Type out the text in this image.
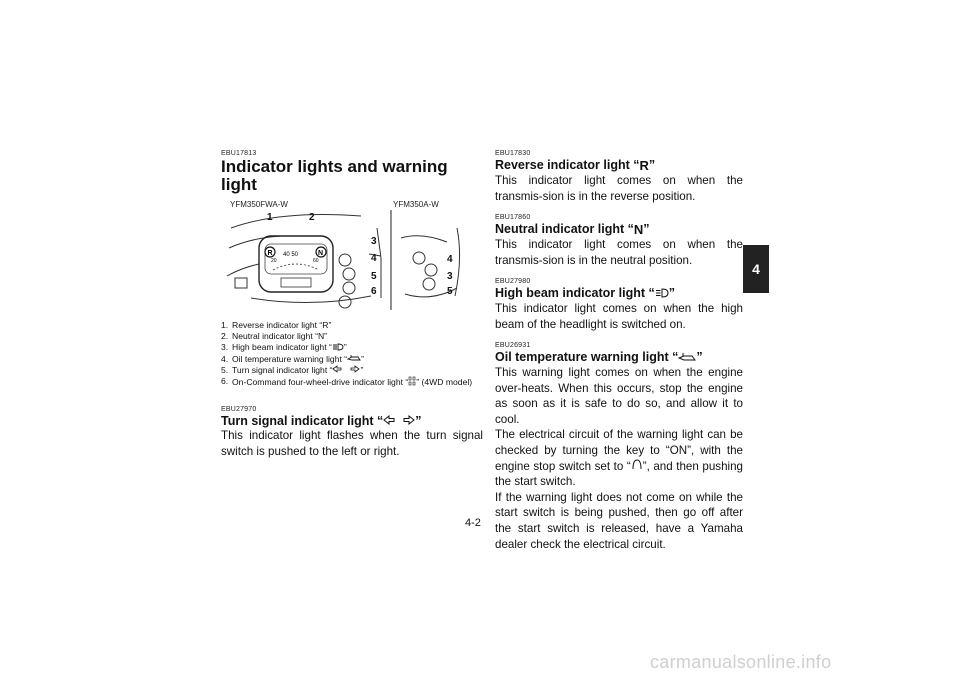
EBU17813
Indicator lights and warning light
YFM350FWA-W	YFM350A-W
R	N
40 50
20	60
1	2
3
4
5
6
4
3
5
1. Reverse indicator light “R”
2. Neutral indicator light “N”
3. High beam indicator light “ ”
4. Oil temperature warning light “ ”
5. Turn signal indicator light “	”
6. On-Command four-wheel-drive indicator light “ ” (4WD model)
EBU27970
Turn signal indicator light “	”
This indicator light flashes when the turn signal switch is pushed to the left or right.
EBU17830
Reverse indicator light “R”
This indicator light comes on when the transmis-sion is in the reverse position.
EBU17860
Neutral indicator light “N”
This indicator light comes on when the transmis-sion is in the neutral position.
EBU27980
High beam indicator light “ ”
This indicator light comes on when the high beam of the headlight is switched on.
EBU26931
Oil temperature warning light “ ”
This warning light comes on when the engine over-heats. When this occurs, stop the engine as soon as it is safe to do so, and allow it to cool.
The electrical circuit of the warning light can be checked by turning the key to “ON”, with the engine stop switch set to “ ”, and then pushing the start switch.
If the warning light does not come on while the start switch is being pushed, then go off after the start switch is released, have a Yamaha dealer check the electrical circuit.
4
4-2
carmanualsonline.info
